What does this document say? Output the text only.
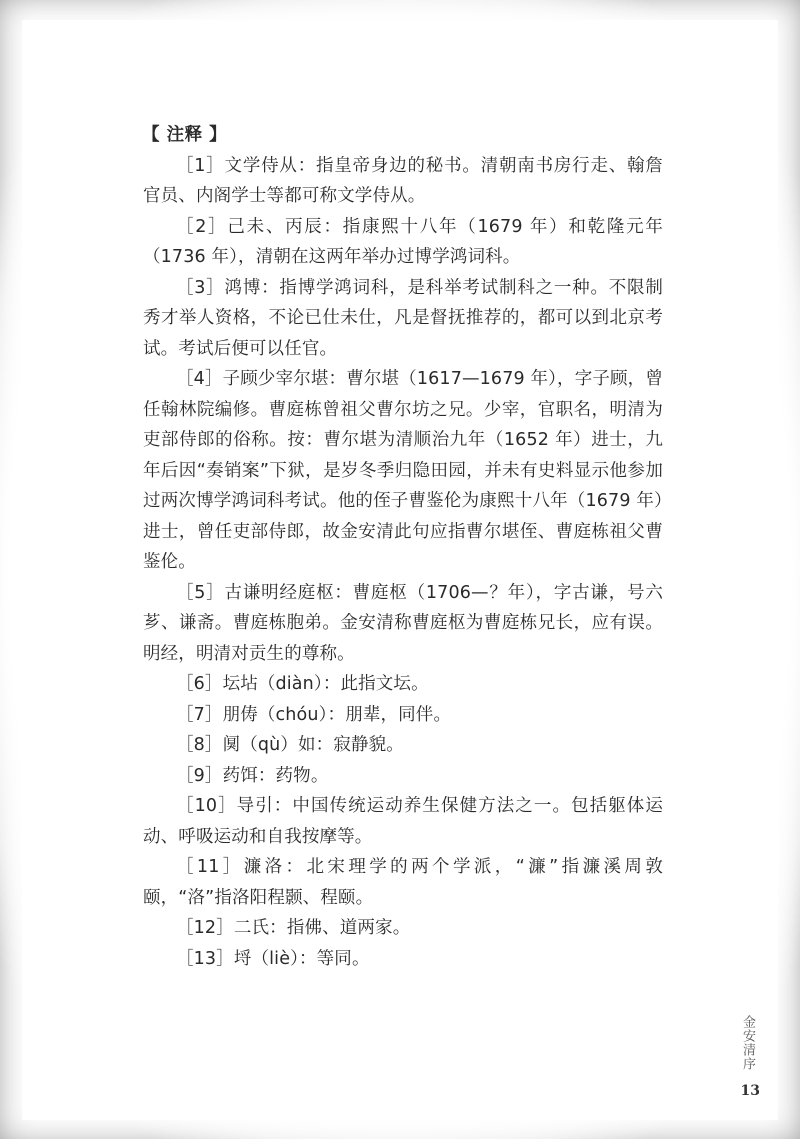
【 注释 】

［1］文学侍从：指皇帝身边的秘书。清朝南书房行走、翰詹官员、内阁学士等都可称文学侍从。

［2］己未、丙辰：指康熙十八年（1679 年）和乾隆元年（1736 年），清朝在这两年举办过博学鸿词科。

［3］鸿博：指博学鸿词科，是科举考试制科之一种。不限制秀才举人资格，不论已仕未仕，凡是督抚推荐的，都可以到北京考试。考试后便可以任官。

［4］子顾少宰尔堪：曹尔堪（1617—1679 年），字子顾，曾任翰林院编修。曹庭栋曾祖父曹尔坊之兄。少宰，官职名，明清为吏部侍郎的俗称。按：曹尔堪为清顺治九年（1652 年）进士，九年后因“奏销案”下狱，是岁冬季归隐田园，并未有史料显示他参加过两次博学鸿词科考试。他的侄子曹鉴伦为康熙十八年（1679 年）进士，曾任吏部侍郎，故金安清此句应指曹尔堪侄、曹庭栋祖父曹鉴伦。

［5］古谦明经庭枢：曹庭枢（1706—？年），字古谦，号六芗、谦斋。曹庭栋胞弟。金安清称曹庭枢为曹庭栋兄长，应有误。明经，明清对贡生的尊称。

［6］坛坫（diàn）：此指文坛。

［7］朋俦（chóu）：朋辈，同伴。

［8］阒（qù）如：寂静貌。

［9］药饵：药物。

［10］导引：中国传统运动养生保健方法之一。包括躯体运动、呼吸运动和自我按摩等。

［11］濂洛：北宋理学的两个学派，“濂”指濂溪周敦颐，“洛”指洛阳程颢、程颐。

［12］二氏：指佛、道两家。

［13］埒（liè）：等同。

金安清序
13
